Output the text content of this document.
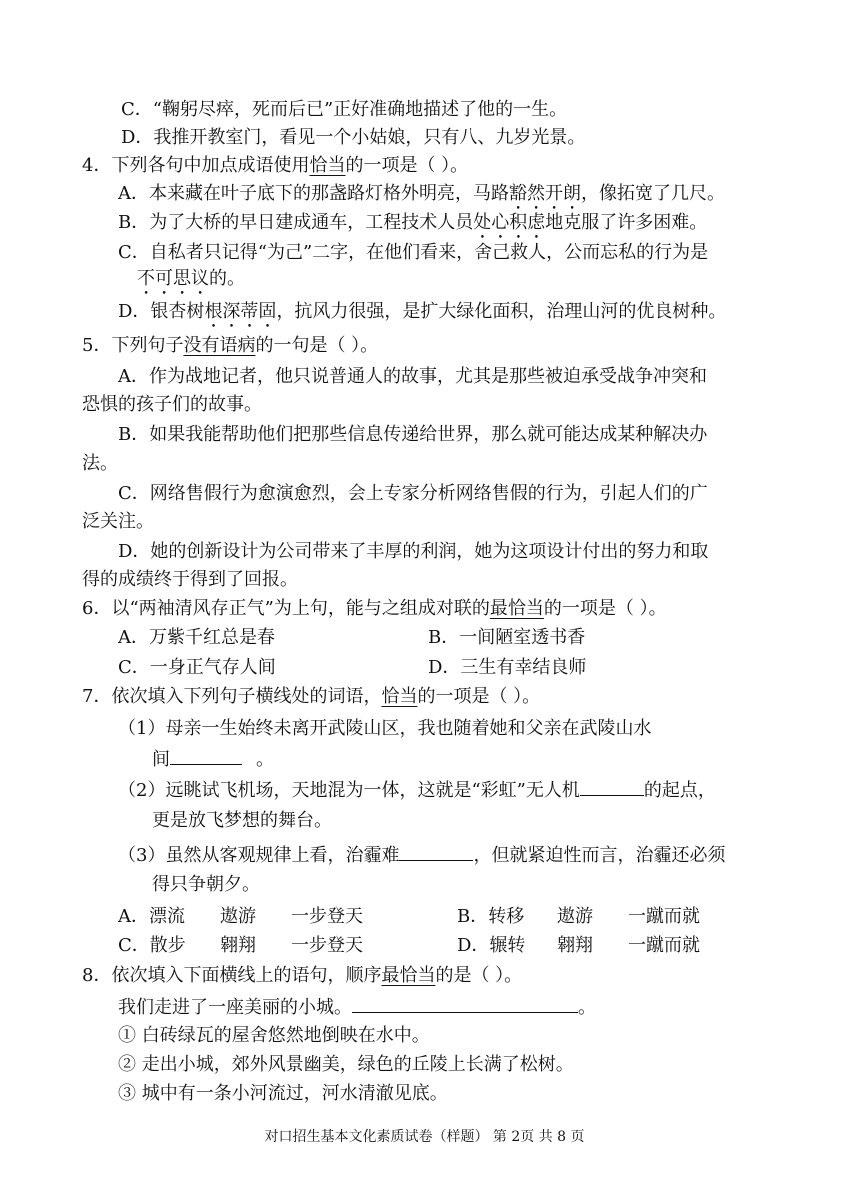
C．“鞠躬尽瘁，死而后已”正好准确地描述了他的一生。
D．我推开教室门，看见一个小姑娘，只有八、九岁光景。
4．下列各句中加点成语使用恰当的一项是（ ）。
A．本来藏在叶子底下的那盏路灯格外明亮，马路豁然开朗，像拓宽了几尺。
B．为了大桥的早日建成通车，工程技术人员处心积虑地克服了许多困难。
C．自私者只记得“为己”二字，在他们看来，舍己救人，公而忘私的行为是
不可思议的。
D．银杏树根深蒂固，抗风力很强，是扩大绿化面积，治理山河的优良树种。
5．下列句子没有语病的一句是（ ）。
A．作为战地记者，他只说普通人的故事，尤其是那些被迫承受战争冲突和
恐惧的孩子们的故事。
B．如果我能帮助他们把那些信息传递给世界，那么就可能达成某种解决办
法。
C．网络售假行为愈演愈烈，会上专家分析网络售假的行为，引起人们的广
泛关注。
D．她的创新设计为公司带来了丰厚的利润，她为这项设计付出的努力和取
得的成绩终于得到了回报。
6．以“两袖清风存正气”为上句，能与之组成对联的最恰当的一项是（ ）。
A．万紫千红总是春	B．一间陋室透书香
C．一身正气存人间	D．三生有幸结良师
7．依次填入下列句子横线处的词语，恰当的一项是（ ）。
（1）母亲一生始终未离开武陵山区，我也随着她和父亲在武陵山水
间	。
（2）远眺试飞机场，天地混为一体，这就是“彩虹”无人机	的起点，
更是放飞梦想的舞台。
（3）虽然从客观规律上看，治霾难	，但就紧迫性而言，治霾还必须
得只争朝夕。
A．漂流 遨游 一步登天	B．转移 遨游 一蹴而就
C．散步 翱翔 一步登天	D．辗转 翱翔 一蹴而就
8．依次填入下面横线上的语句，顺序最恰当的是（ ）。
我们走进了一座美丽的小城。	。
① 白砖绿瓦的屋舍悠然地倒映在水中。
② 走出小城，郊外风景幽美，绿色的丘陵上长满了松树。
③ 城中有一条小河流过，河水清澈见底。
对口招生基本文化素质试卷（样题） 第 2页 共 8 页
